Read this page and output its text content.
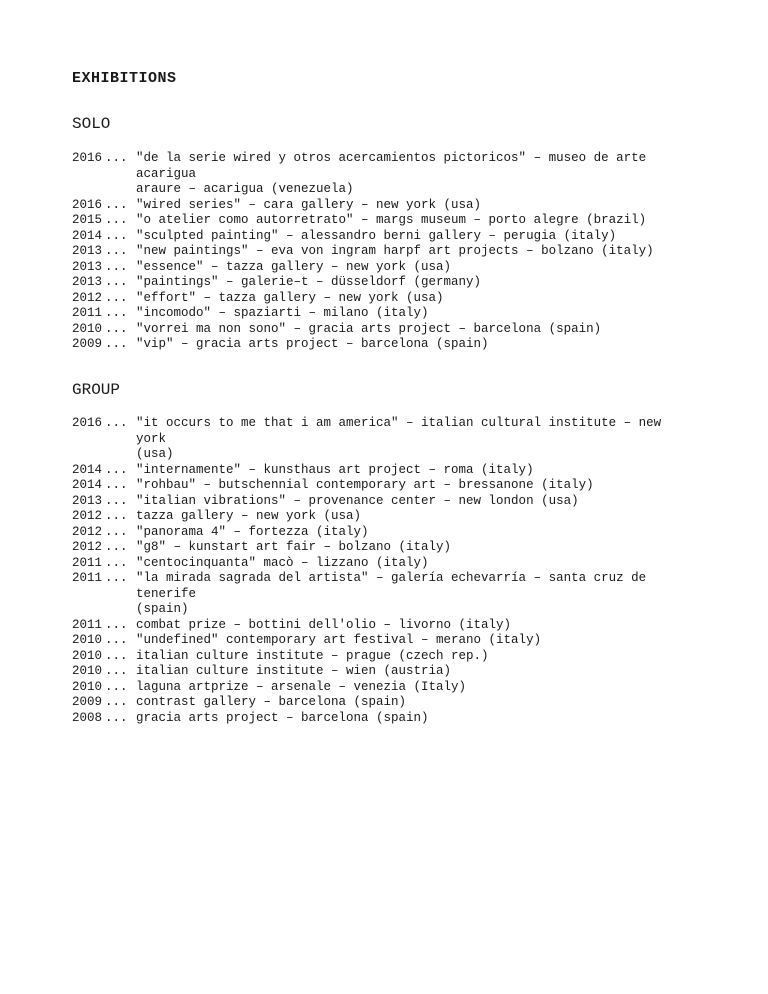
EXHIBITIONS
SOLO
2016 ... "de la serie wired y otros acercamientos pictoricos" – museo de arte acarigua
araure – acarigua (venezuela)
2016 ... "wired series" – cara gallery – new york (usa)
2015 ... "o atelier como autorretrato" – margs museum – porto alegre (brazil)
2014 ... "sculpted painting" – alessandro berni gallery – perugia (italy)
2013 ... "new paintings" – eva von ingram harpf art projects – bolzano (italy)
2013 ... "essence" – tazza gallery – new york (usa)
2013 ... "paintings" – galerie–t – düsseldorf (germany)
2012 ... "effort" – tazza gallery – new york (usa)
2011 ... "incomodo" – spaziarti – milano (italy)
2010 ... "vorrei ma non sono" – gracia arts project – barcelona (spain)
2009 ... "vip" – gracia arts project – barcelona (spain)
GROUP
2016 ... "it occurs to me that i am america" – italian cultural institute – new york
(usa)
2014 ... "internamente" – kunsthaus art project – roma (italy)
2014 ... "rohbau" – butschennial contemporary art – bressanone (italy)
2013 ... "italian vibrations" – provenance center – new london (usa)
2012 ... tazza gallery – new york (usa)
2012 ... "panorama 4" – fortezza (italy)
2012 ... "g8" – kunstart art fair – bolzano (italy)
2011 ... "centocinquanta" macò – lizzano (italy)
2011 ... "la mirada sagrada del artista" – galería echevarría – santa cruz de tenerife
(spain)
2011 ... combat prize – bottini dell'olio – livorno (italy)
2010 ... "undefined" contemporary art festival – merano (italy)
2010 ... italian culture institute – prague (czech rep.)
2010 ... italian culture institute – wien (austria)
2010 ... laguna artprize – arsenale – venezia (Italy)
2009 ... contrast gallery – barcelona (spain)
2008 ... gracia arts project – barcelona (spain)
